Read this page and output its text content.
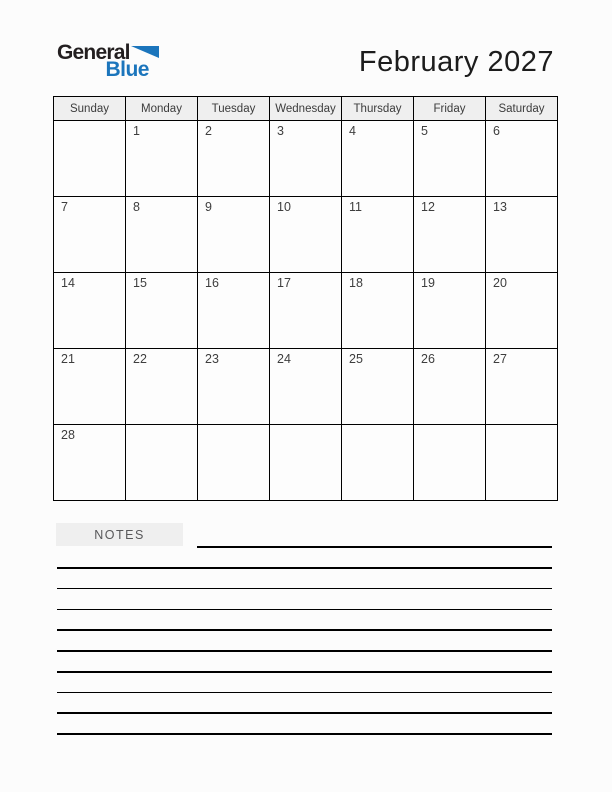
General
Blue	February 2027
Sunday	Monday	Tuesday	Wednesday	Thursday	Friday	Saturday
	1	2	3	4	5	6
7	8	9	10	11	12	13
14	15	16	17	18	19	20
21	22	23	24	25	26	27
28						
NOTES
